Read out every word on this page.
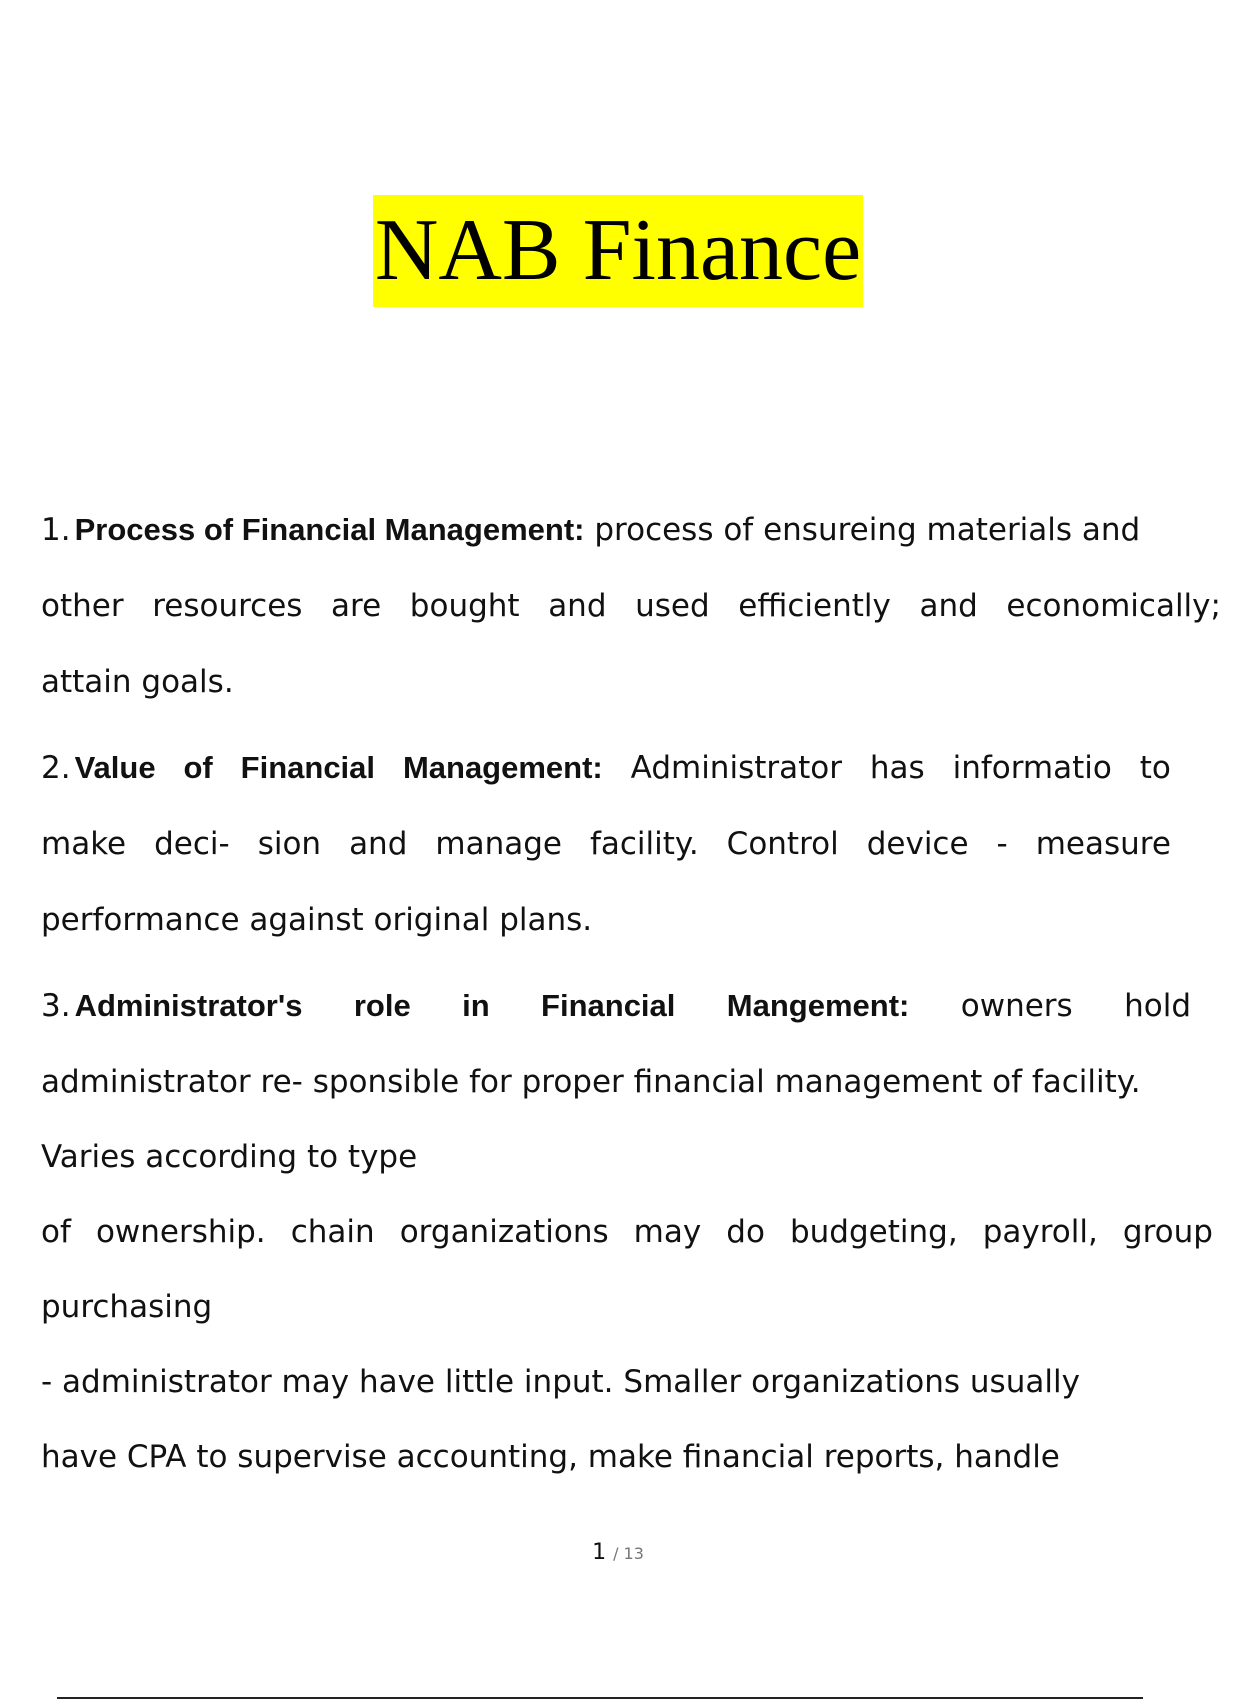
NAB Finance
1. Process of Financial Management: process of ensureing materials and
other resources are bought and used efficiently and economically;
attain goals.
2. Value of Financial Management: Administrator has informatio to
make deci- sion and manage facility. Control device - measure
performance against original plans.
3. Administrator's role in Financial Mangement: owners hold
administrator re- sponsible for proper financial management of facility.
Varies according to type
of ownership. chain organizations may do budgeting, payroll, group
purchasing
- administrator may have little input. Smaller organizations usually
have CPA to supervise accounting, make financial reports, handle
1 / 13
